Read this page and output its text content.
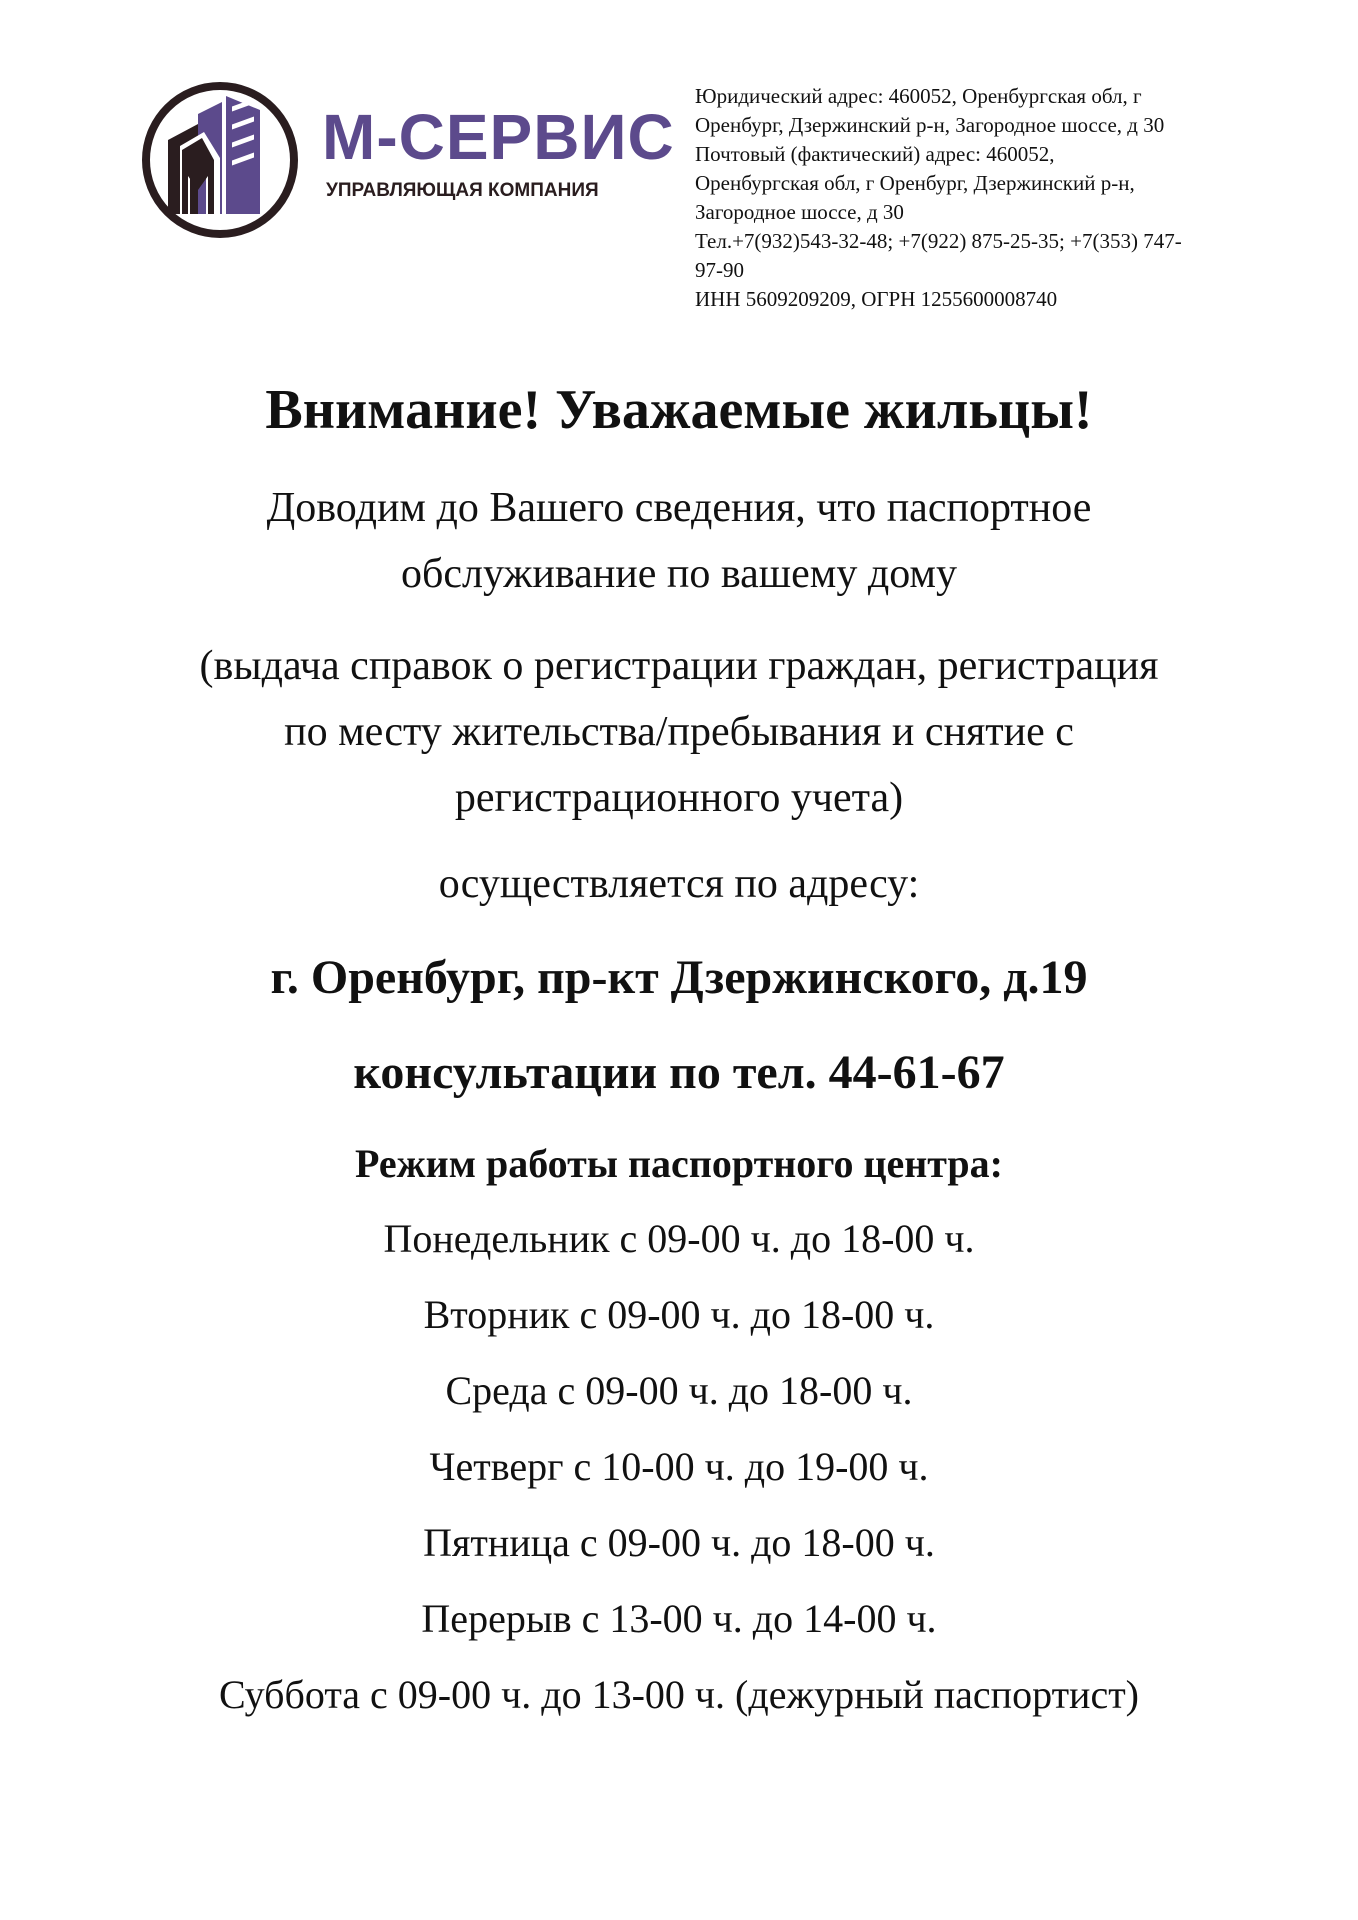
М-СЕРВИС
УПРАВЛЯЮЩАЯ КОМПАНИЯ
Юридический адрес: 460052, Оренбургская обл, г
Оренбург, Дзержинский р-н, Загородное шоссе, д 30
Почтовый (фактический) адрес: 460052,
Оренбургская обл, г Оренбург, Дзержинский р-н,
Загородное шоссе, д 30
Тел.+7(932)543-32-48; +7(922) 875-25-35; +7(353) 747-
97-90
ИНН 5609209209, ОГРН 1255600008740
Внимание! Уважаемые жильцы!
Доводим до Вашего сведения, что паспортное
обслуживание по вашему дому
(выдача справок о регистрации граждан, регистрация
по месту жительства/пребывания и снятие с
регистрационного учета)
осуществляется по адресу:
г. Оренбург, пр-кт Дзержинского, д.19
консультации по тел. 44-61-67
Режим работы паспортного центра:
Понедельник с 09-00 ч. до 18-00 ч.
Вторник с 09-00 ч. до 18-00 ч.
Среда с 09-00 ч. до 18-00 ч.
Четверг с 10-00 ч. до 19-00 ч.
Пятница с 09-00 ч. до 18-00 ч.
Перерыв с 13-00 ч. до 14-00 ч.
Суббота с 09-00 ч. до 13-00 ч. (дежурный паспортист)
